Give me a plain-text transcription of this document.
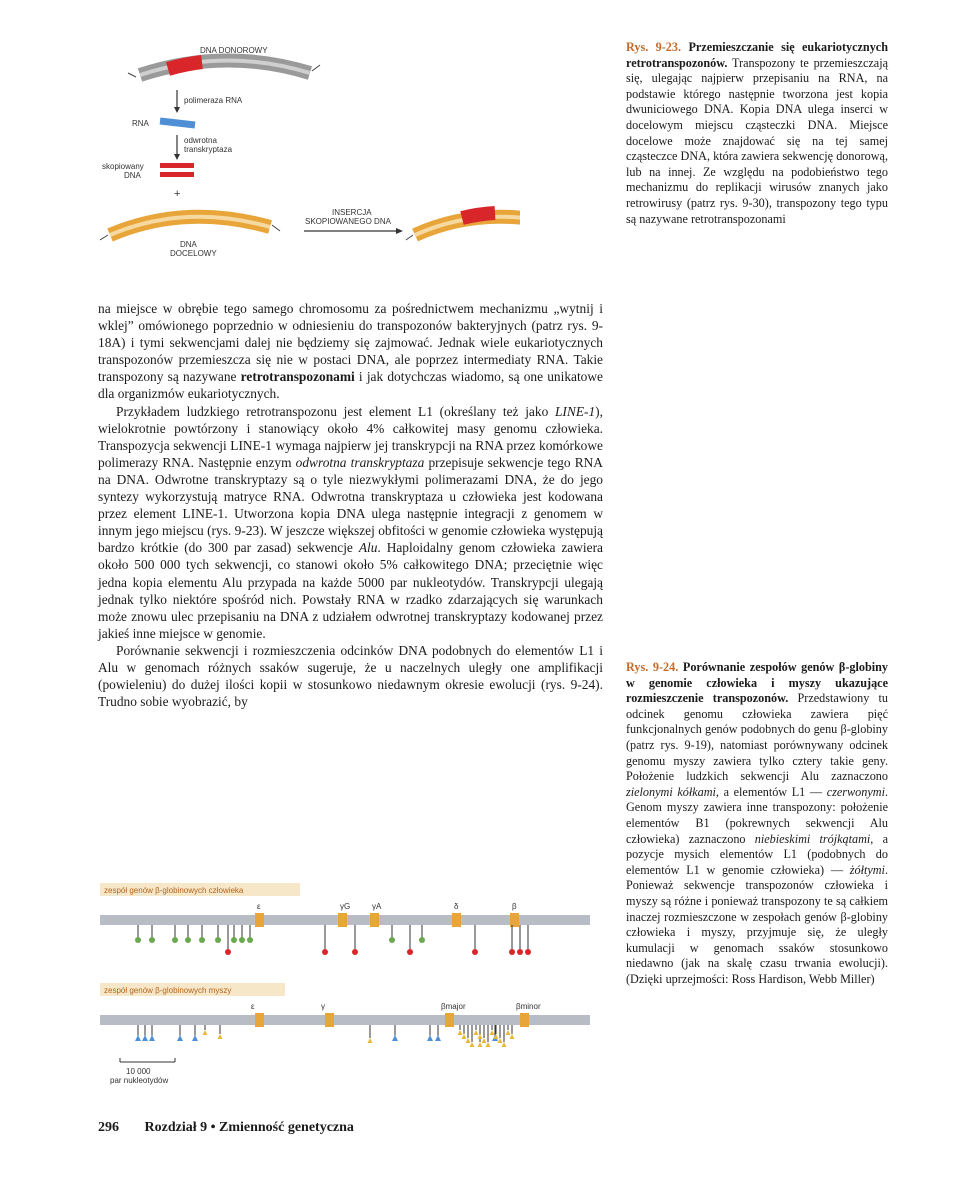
DNA DONOROWY
polimeraza RNA
RNA
odwrotna
transkryptaza
skopiowany
DNA
+
DNA
DOCELOWY
INSERCJA
SKOPIOWANEGO DNA
Rys. 9-23. Przemieszczanie się eukariotycznych retrotranspozonów. Transpozony te przemieszczają się, ulegając najpierw przepisaniu na RNA, na podstawie którego następnie tworzona jest kopia dwuniciowego DNA. Kopia DNA ulega inserci w docelowym miejscu cząsteczki DNA. Miejsce docelowe może znajdować się na tej samej cząsteczce DNA, która zawiera sekwencję donorową, lub na innej. Ze względu na podobieństwo tego mechanizmu do replikacji wirusów znanych jako retrowirusy (patrz rys. 9-30), transpozony tego typu są nazywane retrotranspozonami

na miejsce w obrębie tego samego chromosomu za pośrednictwem mechanizmu „wytnij i wklej” omówionego poprzednio w odniesieniu do transpozonów bakteryjnych (patrz rys. 9-18A) i tymi sekwencjami dalej nie będziemy się zajmować. Jednak wiele eukariotycznych transpozonów przemieszcza się nie w postaci DNA, ale poprzez intermediaty RNA. Takie transpozony są nazywane retrotranspozonami i jak dotychczas wiadomo, są one unikatowe dla organizmów eukariotycznych.

Przykładem ludzkiego retrotranspozonu jest element L1 (określany też jako LINE-1), wielokrotnie powtórzony i stanowiący około 4% całkowitej masy genomu człowieka. Transpozycja sekwencji LINE-1 wymaga najpierw jej transkrypcji na RNA przez komórkowe polimerazy RNA. Następnie enzym odwrotna transkryptaza przepisuje sekwencje tego RNA na DNA. Odwrotne transkryptazy są o tyle niezwykłymi polimerazami DNA, że do jego syntezy wykorzystują matryce RNA. Odwrotna transkryptaza u człowieka jest kodowana przez element LINE-1. Utworzona kopia DNA ulega następnie integracji z genomem w innym jego miejscu (rys. 9-23). W jeszcze większej obfitości w genomie człowieka występują bardzo krótkie (do 300 par zasad) sekwencje Alu. Haploidalny genom człowieka zawiera około 500 000 tych sekwencji, co stanowi około 5% całkowitego DNA; przeciętnie więc jedna kopia elementu Alu przypada na każde 5000 par nukleotydów. Transkrypcji ulegają jednak tylko niektóre spośród nich. Powstały RNA w rzadko zdarzających się warunkach może znowu ulec przepisaniu na DNA z udziałem odwrotnej transkryptazy kodowanej przez jakieś inne miejsce w genomie.

Porównanie sekwencji i rozmieszczenia odcinków DNA podobnych do elementów L1 i Alu w genomach różnych ssaków sugeruje, że u naczelnych uległy one amplifikacji (powieleniu) do dużej ilości kopii w stosunkowo niedawnym okresie ewolucji (rys. 9-24). Trudno sobie wyobrazić, by

zespół genów β-globinowych człowieka
ε	γG	γA	δ	β
zespół genów β-globinowych myszy
ε	γ	βmajor	βminor
10 000
par nukleotydów
Rys. 9-24. Porównanie zespołów genów β-globiny w genomie człowieka i myszy ukazujące rozmieszczenie transpozonów. Przedstawiony tu odcinek genomu człowieka zawiera pięć funkcjonalnych genów podobnych do genu β-globiny (patrz rys. 9-19), natomiast porównywany odcinek genomu myszy zawiera tylko cztery takie geny. Położenie ludzkich sekwencji Alu zaznaczono zielonymi kółkami, a elementów L1 — czerwonymi. Genom myszy zawiera inne transpozony: położenie elementów B1 (pokrewnych sekwencji Alu człowieka) zaznaczono niebieskimi trójkątami, a pozycje mysich elementów L1 (podobnych do elementów L1 w genomie człowieka) — żółtymi. Ponieważ sekwencje transpozonów człowieka i myszy są różne i ponieważ transpozony te są całkiem inaczej rozmieszczone w zespołach genów β-globiny człowieka i myszy, przyjmuje się, że uległy kumulacji w genomach ssaków stosunkowo niedawno (jak na skalę czasu trwania ewolucji). (Dzięki uprzejmości: Ross Hardison, Webb Miller)
296 Rozdział 9 • Zmienność genetyczna
